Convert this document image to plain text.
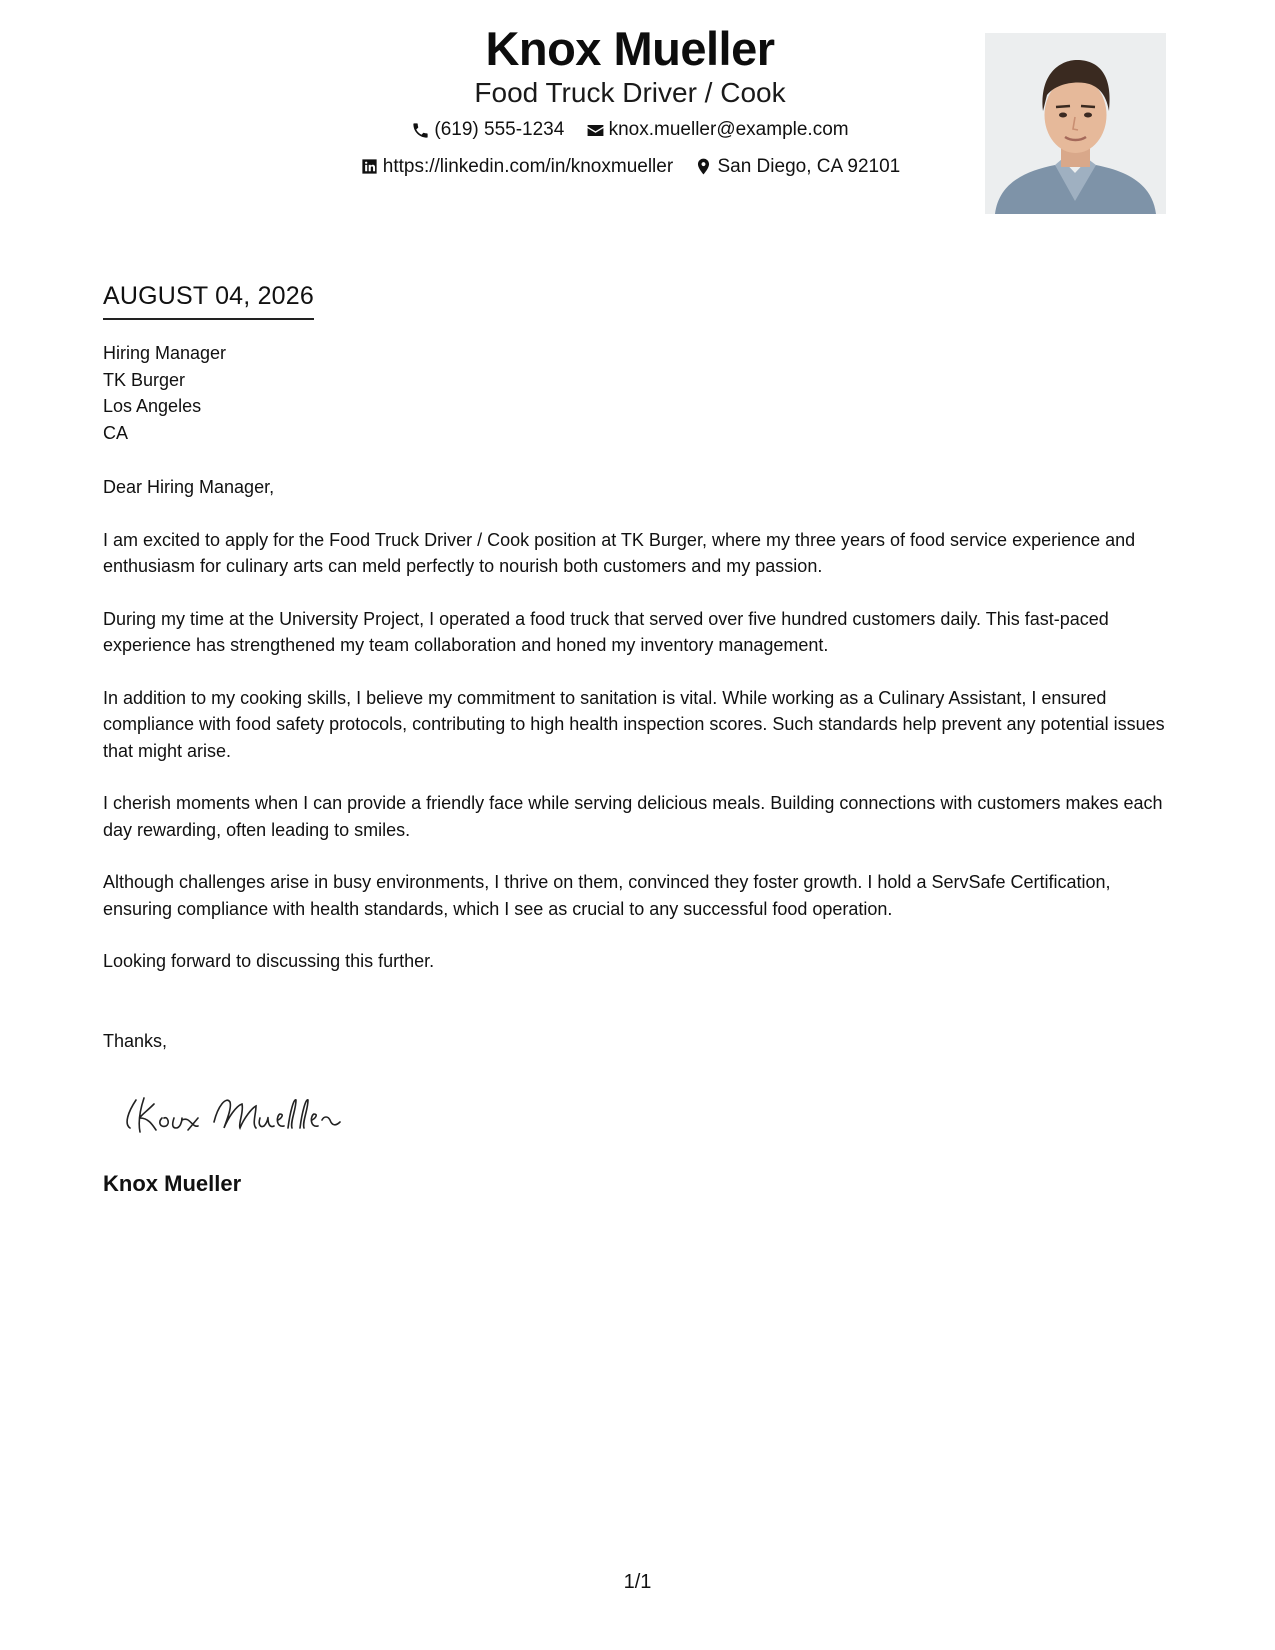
Knox Mueller
Food Truck Driver / Cook
(619) 555-1234
knox.mueller@example.com
https://linkedin.com/in/knoxmueller
San Diego, CA 92101
AUGUST 04, 2026
Hiring Manager
TK Burger
Los Angeles
CA

Dear Hiring Manager,

I am excited to apply for the Food Truck Driver / Cook position at TK Burger, where my three years of food service experience and enthusiasm for culinary arts can meld perfectly to nourish both customers and my passion.

During my time at the University Project, I operated a food truck that served over five hundred customers daily. This fast-paced experience has strengthened my team collaboration and honed my inventory management.

In addition to my cooking skills, I believe my commitment to sanitation is vital. While working as a Culinary Assistant, I ensured compliance with food safety protocols, contributing to high health inspection scores. Such standards help prevent any potential issues that might arise.

I cherish moments when I can provide a friendly face while serving delicious meals. Building connections with customers makes each day rewarding, often leading to smiles.

Although challenges arise in busy environments, I thrive on them, convinced they foster growth. I hold a ServSafe Certification, ensuring compliance with health standards, which I see as crucial to any successful food operation.

Looking forward to discussing this further.

Thanks,
Knox Mueller
1/1
